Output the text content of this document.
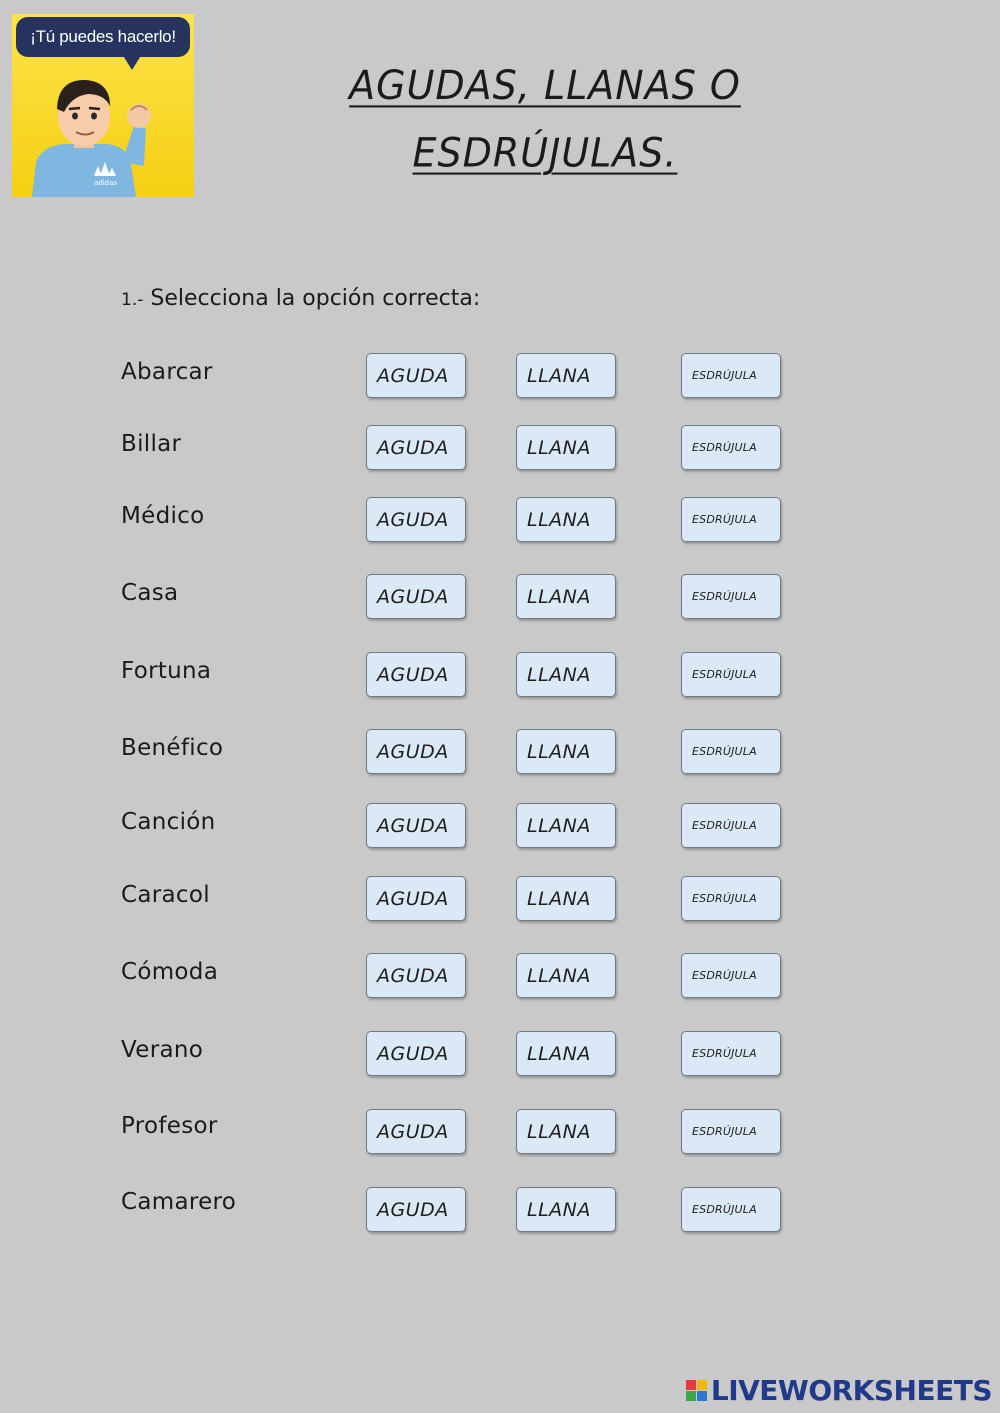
¡Tú puedes hacerlo!
adidas
AGUDAS, LLANAS O
ESDRÚJULAS.
1.- Selecciona la opción correcta:
Abarcar	AGUDA	LLANA	ESDRÚJULA
Billar	AGUDA	LLANA	ESDRÚJULA
Médico	AGUDA	LLANA	ESDRÚJULA
Casa	AGUDA	LLANA	ESDRÚJULA
Fortuna	AGUDA	LLANA	ESDRÚJULA
Benéfico	AGUDA	LLANA	ESDRÚJULA
Canción	AGUDA	LLANA	ESDRÚJULA
Caracol	AGUDA	LLANA	ESDRÚJULA
Cómoda	AGUDA	LLANA	ESDRÚJULA
Verano	AGUDA	LLANA	ESDRÚJULA
Profesor	AGUDA	LLANA	ESDRÚJULA
Camarero	AGUDA	LLANA	ESDRÚJULA
LIVEWORKSHEETS
